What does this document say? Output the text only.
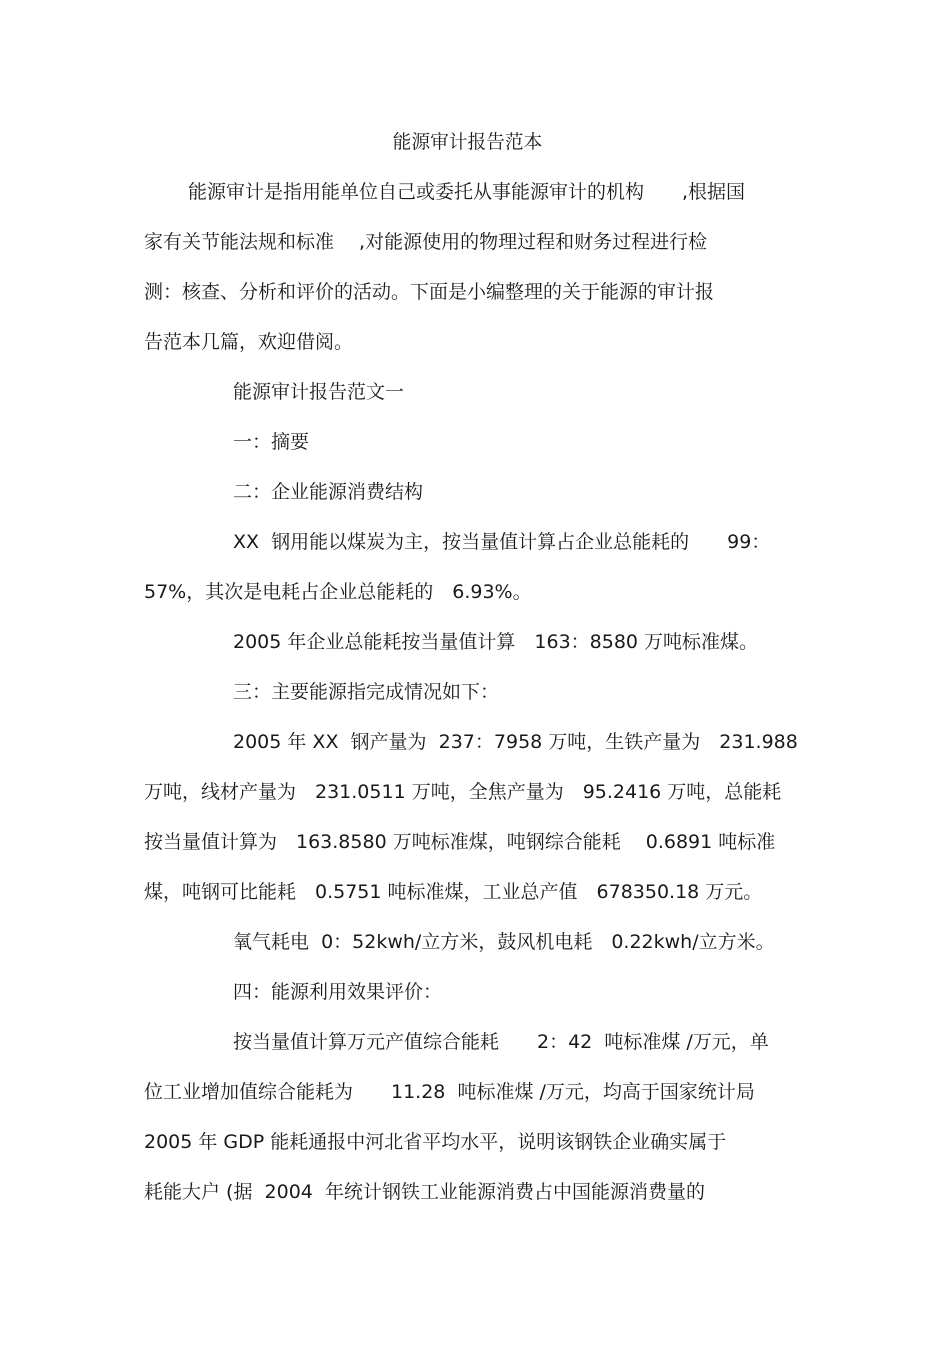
能源审计报告范本
能源审计是指用能单位自己或委托从事能源审计的机构　　,根据国
家有关节能法规和标准　 ,对能源使用的物理过程和财务过程进行检
测：核查、分析和评价的活动。下面是小编整理的关于能源的审计报
告范本几篇，欢迎借阅。
能源审计报告范文一
一：摘要
二：企业能源消费结构
XX  钢用能以煤炭为主，按当量值计算占企业总能耗的　　99：
57%，其次是电耗占企业总能耗的　6.93%。
2005 年企业总能耗按当量值计算　163：8580 万吨标准煤。
三：主要能源指完成情况如下：
2005 年 XX  钢产量为  237：7958 万吨，生铁产量为　231.988
万吨，线材产量为　231.0511 万吨，全焦产量为　95.2416 万吨，总能耗
按当量值计算为　163.8580 万吨标准煤，吨钢综合能耗　 0.6891 吨标准
煤，吨钢可比能耗　0.5751 吨标准煤，工业总产值　678350.18 万元。
氧气耗电  0：52kwh/立方米，鼓风机电耗　0.22kwh/立方米。
四：能源利用效果评价：
按当量值计算万元产值综合能耗　　2：42  吨标准煤 /万元，单
位工业增加值综合能耗为　　11.28  吨标准煤 /万元，均高于国家统计局
2005 年 GDP 能耗通报中河北省平均水平，说明该钢铁企业确实属于
耗能大户 (据  2004  年统计钢铁工业能源消费占中国能源消费量的
